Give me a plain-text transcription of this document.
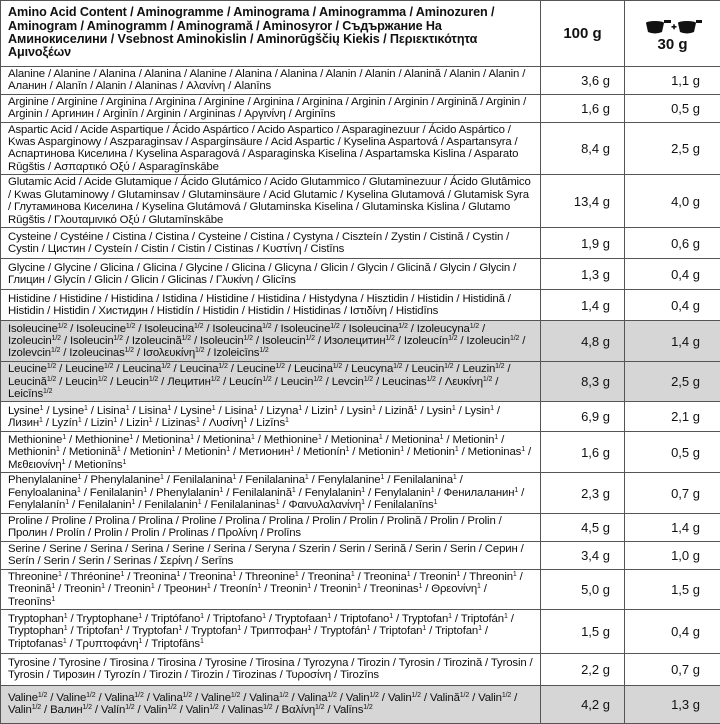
Amino Acid Content / Aminogramme / Aminograma / Aminogramma / Aminozuren / Aminogram / Aminogramm / Aminogramă / Aminosyror / Съдържание На Аминокиселини / Vsebnost Aminokislin / Aminorūgščių Kiekis / Περιεκτικότητα Αμινοξέων	100 g	30 g

Alanine / Alanine / Alanina / Alanina / Alanine / Alanina / Alanina / Alanin / Alanin / Alanină / Alanin / Alanin / Аланин / Alanīn / Alanin / Alaninas / Αλανίνη / Alanīns	3,6 g	1,1 g
Arginine / Arginine / Arginina / Arginina / Arginine / Arginina / Arginina / Arginin / Arginin / Arginină / Arginin / Arginin / Аргинин / Arginīn / Arginin / Argininas / Αργινίνη / Arginīns	1,6 g	0,5 g
Aspartic Acid / Acide Aspartique / Ácido Aspártico / Acido Aspartico / Asparaginezuur / Ácido Aspártico / Kwas Asparginowy / Aszparaginsav / Asparginsäure / Acid Aspartic / Kyselina Aspartová / Aspartansyra / Аспартинова Киселина / Kyselina Asparagová / Asparaginska Kiselina / Aspartamska Kislina / Asparato Rūgštis / Ασπαρτικό Οξύ / Asparagīnskābe	8,4 g	2,5 g
Glutamic Acid / Acide Glutamique / Ácido Glutámico / Acido Glutammico / Glutaminezuur / Ácido Glutâmico / Kwas Glutaminowy / Glutaminsav / Glutaminsäure / Acid Glutamic / Kyselina Glutamová / Glutamisk Syra / Глутаминова Киселина / Kyselina Glutámová / Glutaminska Kiselina / Glutaminska Kislina / Glutamo Rūgštis / Γλουταμινικό Οξύ / Glutamīnskābe	13,4 g	4,0 g
Cysteine / Cystéine / Cistina / Cistina / Cysteine / Cistina / Cystyna / Ciszteín / Zystin / Cistină / Cystin / Cystin / Цистин / Cysteín / Cistin / Cistin / Cistinas / Κυστίνη / Cistīns	1,9 g	0,6 g
Glycine / Glycine / Glicina / Glicina / Glycine / Glicina / Glicyna / Glicin / Glycin / Glicină / Glycin / Glycin / Глицин / Glycín / Glicin / Glicin / Glicinas / Γλυκίνη / Glicīns	1,3 g	0,4 g
Histidine / Histidine / Histidina / Istidina / Histidine / Histidina / Histydyna / Hisztidin / Histidin / Histidină / Histidin / Histidin / Хистидин / Histidín / Histidin / Histidin / Histidinas / Ιστιδίνη / Histidīns	1,4 g	0,4 g
Isoleucine$^{1/2}$ / Isoleucine$^{1/2}$ / Isoleucina$^{1/2}$ / Isoleucina$^{1/2}$ / Isoleucine$^{1/2}$ / Isoleucina$^{1/2}$ / Izoleucyna$^{1/2}$ / Izoleucin$^{1/2}$ / Isoleucin$^{1/2}$ / Izoleucină$^{1/2}$ / Isoleucin$^{1/2}$ / Isoleucin$^{1/2}$ / Изолецитин$^{1/2}$ / Izoleucín$^{1/2}$ / Izoleucin$^{1/2}$ / Izolevcin$^{1/2}$ / Izoleucinas$^{1/2}$ / Ισολευκίνη$^{1/2}$ / Izoleicīns$^{1/2}$	4,8 g	1,4 g
Leucine$^{1/2}$ / Leucine$^{1/2}$ / Leucina$^{1/2}$ / Leucina$^{1/2}$ / Leucine$^{1/2}$ / Leucina$^{1/2}$ / Leucyna$^{1/2}$ / Leucin$^{1/2}$ / Leuzin$^{1/2}$ / Leucină$^{1/2}$ / Leucin$^{1/2}$ / Leucin$^{1/2}$ / Лецитин$^{1/2}$ / Leucín$^{1/2}$ / Leucin$^{1/2}$ / Levcin$^{1/2}$ / Leucinas$^{1/2}$ / Λευκίνη$^{1/2}$ / Leicīns$^{1/2}$	8,3 g	2,5 g
Lysine$^1$ / Lysine$^1$ / Lisina$^1$ / Lisina$^1$ / Lysine$^1$ / Lisina$^1$ / Lizyna$^1$ / Lizin$^1$ / Lysin$^1$ / Lizină$^1$ / Lysin$^1$ / Lysin$^1$ / Лизин$^1$ / Lyzín$^1$ / Lizin$^1$ / Lizin$^1$ / Lizinas$^1$ / Λυσίνη$^1$ / Lizīns$^1$	6,9 g	2,1 g
Methionine$^1$ / Methionine$^1$ / Metionina$^1$ / Metionina$^1$ / Methionine$^1$ / Metionina$^1$ / Metionina$^1$ / Metionin$^1$ / Methionin$^1$ / Metionină$^1$ / Metionin$^1$ / Metionin$^1$ / Метионин$^1$ / Metionín$^1$ / Metionin$^1$ / Metionin$^1$ / Metioninas$^1$ / Μεθειονίνη$^1$ / Metionīns$^1$	1,6 g	0,5 g
Phenylalanine$^1$ / Phenylalanine$^1$ / Fenilalanina$^1$ / Fenilalanina$^1$ / Fenylalanine$^1$ / Fenilalanina$^1$ / Fenyloalanina$^1$ / Fenilalanin$^1$ / Phenylalanin$^1$ / Fenilalanină$^1$ / Fenylalanin$^1$ / Fenylalanin$^1$ / Фенилаланин$^1$ / Fenylalanín$^1$ / Fenilalanin$^1$ / Fenilalanin$^1$ / Fenilalaninas$^1$ / Φαινυλαλανίνη$^1$ / Fenilalanīns$^1$	2,3 g	0,7 g
Proline / Proline / Prolina / Prolina / Proline / Prolina / Prolina / Prolin / Prolin / Prolină / Prolin / Prolin / Пролин / Prolín / Prolin / Prolin / Prolinas / Προλίνη / Prolīns	4,5 g	1,4 g
Serine / Serine / Serina / Serina / Serine / Serina / Seryna / Szerin / Serin / Serină / Serin / Serin / Серин / Serín / Serin / Serin / Serinas / Σερίνη / Serīns	3,4 g	1,0 g
Threonine$^1$ / Thréonine$^1$ / Treonina$^1$ / Treonina$^1$ / Threonine$^1$ / Treonina$^1$ / Treonina$^1$ / Treonin$^1$ / Threonin$^1$ / Treonină$^1$ / Treonin$^1$ / Treonin$^1$ / Треонин$^1$ / Treonín$^1$ / Treonin$^1$ / Treonin$^1$ / Treoninas$^1$ / Θρεονίνη$^1$ / Treonīns$^1$	5,0 g	1,5 g
Tryptophan$^1$ / Tryptophane$^1$ / Triptófano$^1$ / Triptofano$^1$ / Tryptofaan$^1$ / Triptofano$^1$ / Tryptofan$^1$ / Triptofán$^1$ / Tryptophan$^1$ / Triptofan$^1$ / Tryptofan$^1$ / Tryptofan$^1$ / Триптофан$^1$ / Tryptofán$^1$ / Triptofan$^1$ / Triptofan$^1$ / Triptofanas$^1$ / Τρυπτοφάνη$^1$ / Triptofāns$^1$	1,5 g	0,4 g
Tyrosine / Tyrosine / Tirosina / Tirosina / Tyrosine / Tirosina / Tyrozyna / Tirozin / Tyrosin / Tirozină / Tyrosin / Tyrosin / Тирозин / Tyrozín / Tirozin / Tirozin / Tirozinas / Τυροσίνη / Tirozīns	2,2 g	0,7 g
Valine$^{1/2}$ / Valine$^{1/2}$ / Valina$^{1/2}$ / Valina$^{1/2}$ / Valine$^{1/2}$ / Valina$^{1/2}$ / Valina$^{1/2}$ / Valin$^{1/2}$ / Valin$^{1/2}$ / Valină$^{1/2}$ / Valin$^{1/2}$ / Valin$^{1/2}$ / Валин$^{1/2}$ / Valín$^{1/2}$ / Valin$^{1/2}$ / Valin$^{1/2}$ / Valinas$^{1/2}$ / Βαλίνη$^{1/2}$ / Valīns$^{1/2}$	4,2 g	1,3 g
